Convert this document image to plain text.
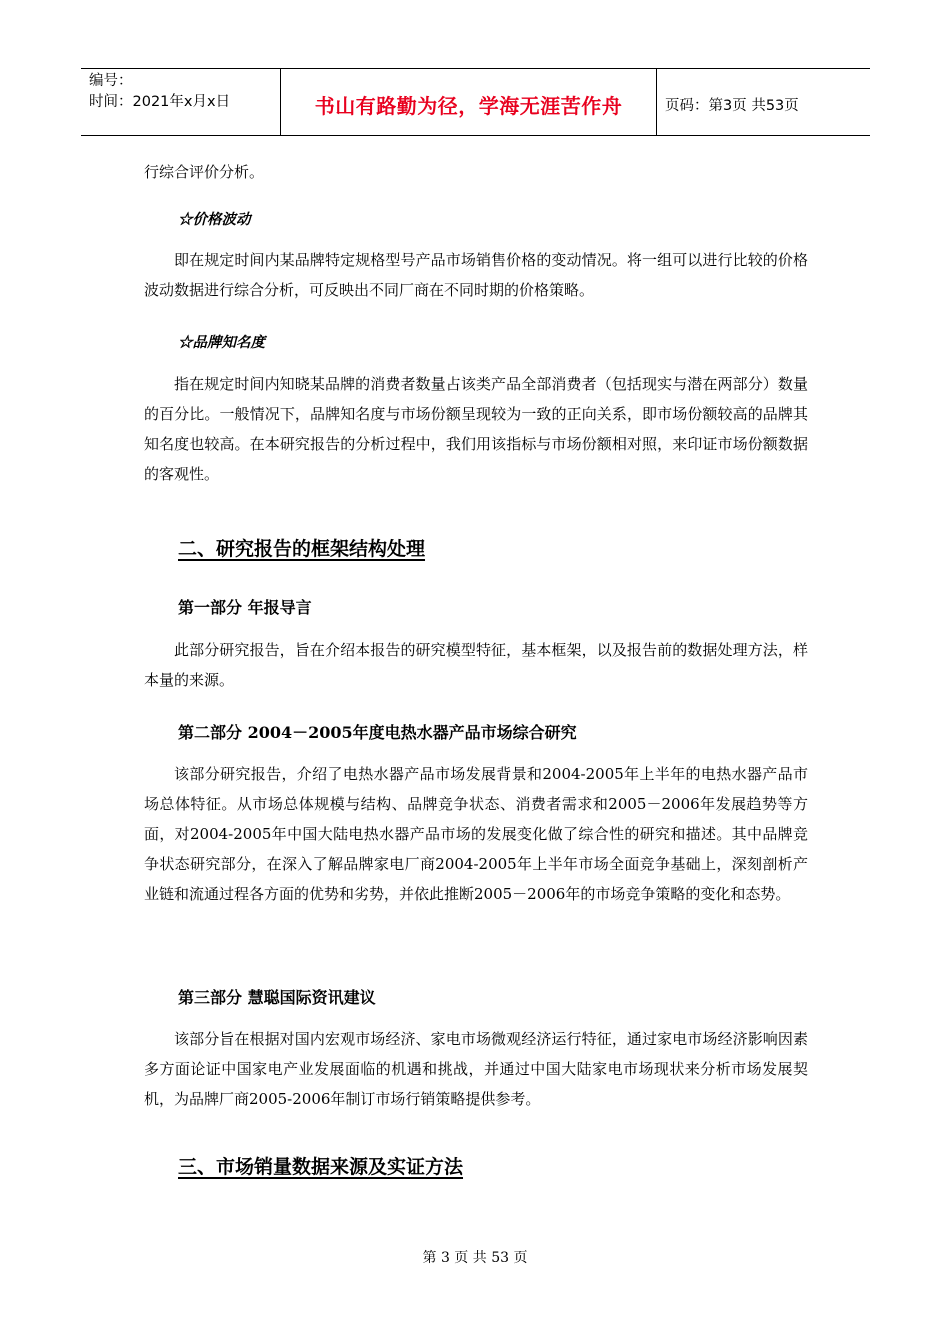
编号：
时间：2021年x月x日	书山有路勤为径，学海无涯苦作舟	页码：第3页 共53页

行综合评价分析。

☆价格波动

即在规定时间内某品牌特定规格型号产品市场销售价格的变动情况。将一组可以进行比较的价格波动数据进行综合分析，可反映出不同厂商在不同时期的价格策略。

☆品牌知名度

指在规定时间内知晓某品牌的消费者数量占该类产品全部消费者（包括现实与潜在两部分）数量的百分比。一般情况下，品牌知名度与市场份额呈现较为一致的正向关系，即市场份额较高的品牌其知名度也较高。在本研究报告的分析过程中，我们用该指标与市场份额相对照，来印证市场份额数据的客观性。

二、研究报告的框架结构处理
第一部分 年报导言

此部分研究报告，旨在介绍本报告的研究模型特征，基本框架，以及报告前的数据处理方法，样本量的来源。

第二部分 2004－2005年度电热水器产品市场综合研究

该部分研究报告，介绍了电热水器产品市场发展背景和2004-2005年上半年的电热水器产品市场总体特征。从市场总体规模与结构、品牌竞争状态、消费者需求和2005－2006年发展趋势等方面，对2004-2005年中国大陆电热水器产品市场的发展变化做了综合性的研究和描述。其中品牌竞争状态研究部分，在深入了解品牌家电厂商2004-2005年上半年市场全面竞争基础上，深刻剖析产业链和流通过程各方面的优势和劣势，并依此推断2005－2006年的市场竞争策略的变化和态势。

第三部分 慧聪国际资讯建议

该部分旨在根据对国内宏观市场经济、家电市场微观经济运行特征，通过家电市场经济影响因素多方面论证中国家电产业发展面临的机遇和挑战，并通过中国大陆家电市场现状来分析市场发展契机，为品牌厂商2005-2006年制订市场行销策略提供参考。

三、市场销量数据来源及实证方法
第 3 页 共 53 页
